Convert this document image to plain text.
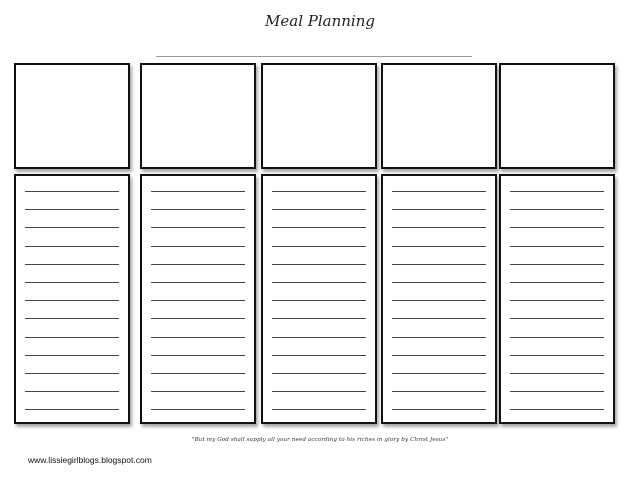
Meal Planning
"But my God shall supply all your need according to his riches in glory by Christ Jesus"
www.lissiegirlblogs.blogspot.com
